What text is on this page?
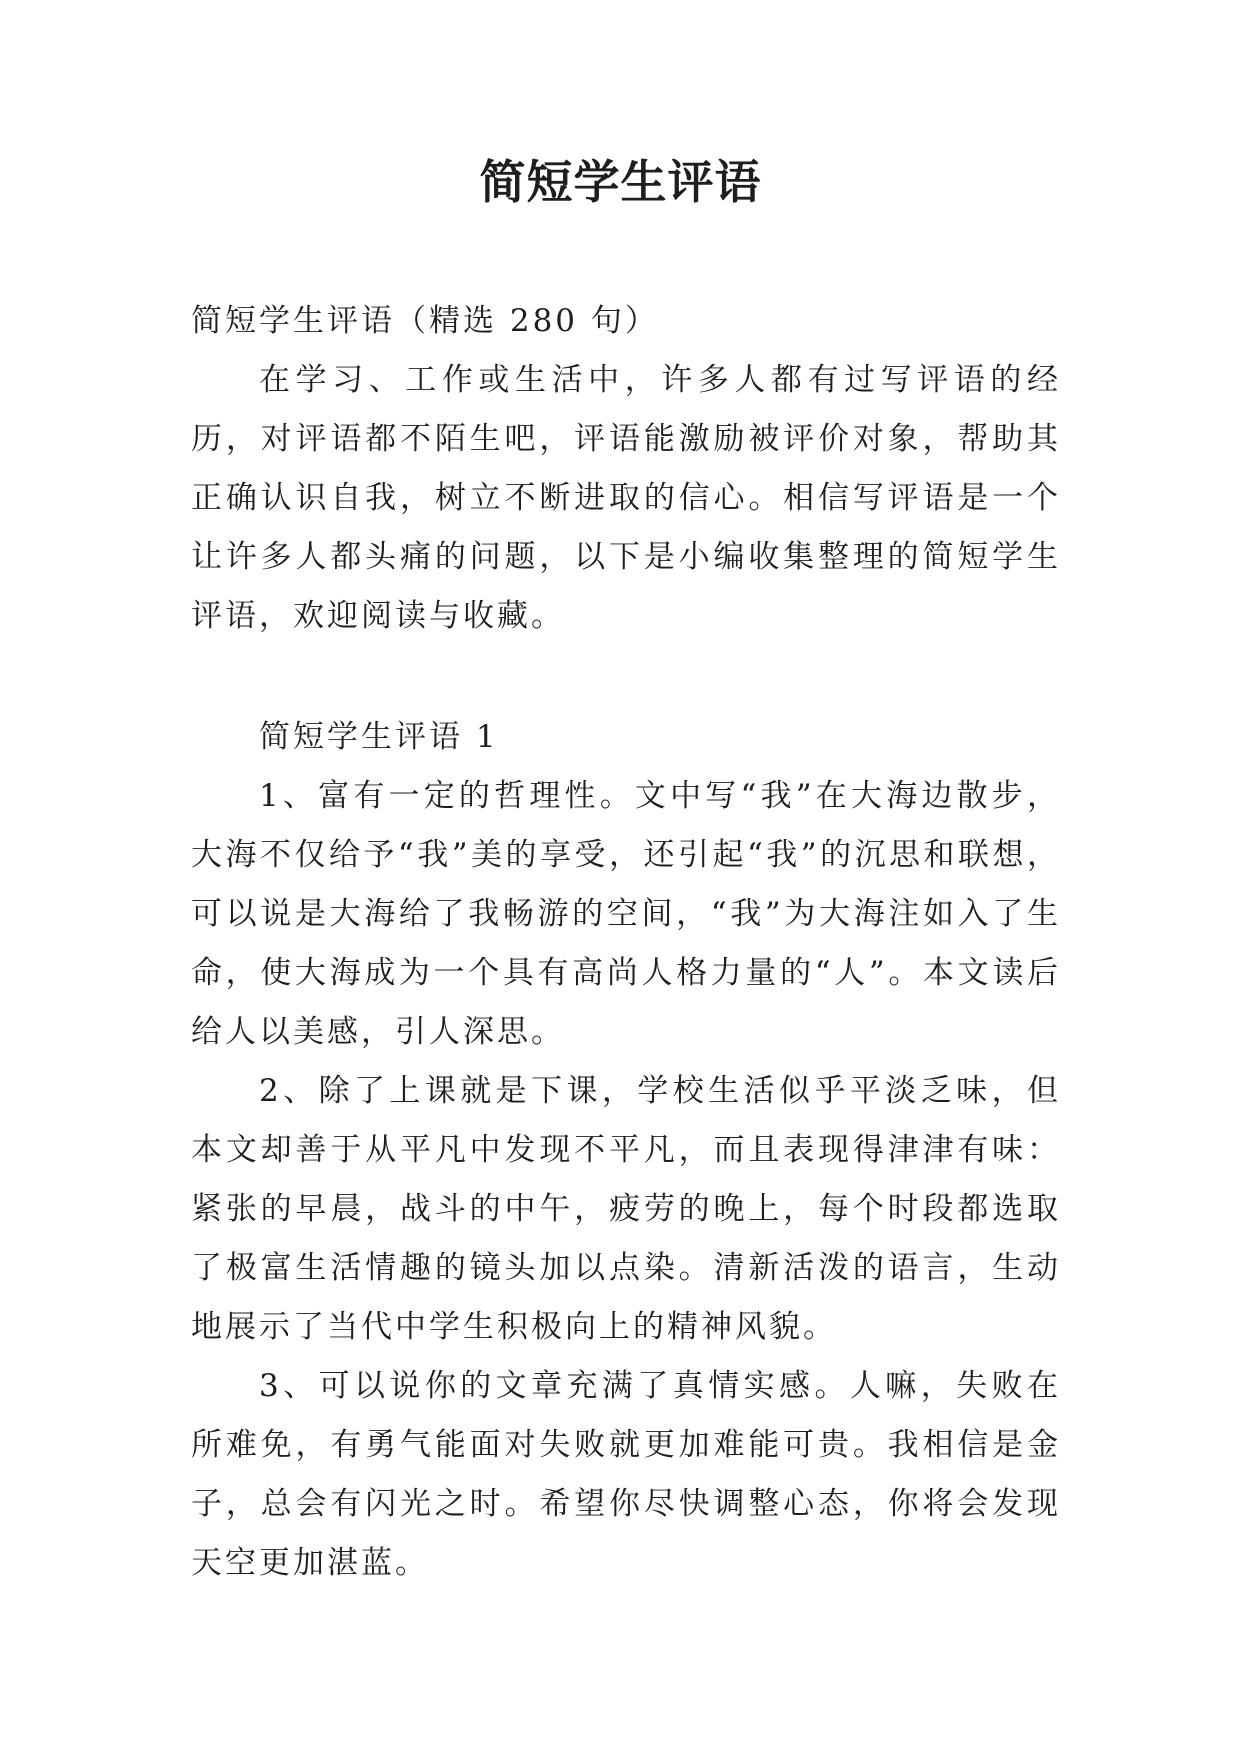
简短学生评语

简短学生评语（精选 280 句）

在学习、工作或生活中，许多人都有过写评语的经历，对评语都不陌生吧，评语能激励被评价对象，帮助其正确认识自我，树立不断进取的信心。相信写评语是一个让许多人都头痛的问题，以下是小编收集整理的简短学生评语，欢迎阅读与收藏。

简短学生评语 1

1、富有一定的哲理性。文中写“我”在大海边散步，大海不仅给予“我”美的享受，还引起“我”的沉思和联想，可以说是大海给了我畅游的空间，“我”为大海注如入了生命，使大海成为一个具有高尚人格力量的“人”。本文读后给人以美感，引人深思。

2、除了上课就是下课，学校生活似乎平淡乏味，但本文却善于从平凡中发现不平凡，而且表现得津津有味：紧张的早晨，战斗的中午，疲劳的晚上，每个时段都选取了极富生活情趣的镜头加以点染。清新活泼的语言，生动地展示了当代中学生积极向上的精神风貌。

3、可以说你的文章充满了真情实感。人嘛，失败在所难免，有勇气能面对失败就更加难能可贵。我相信是金子，总会有闪光之时。希望你尽快调整心态，你将会发现天空更加湛蓝。
